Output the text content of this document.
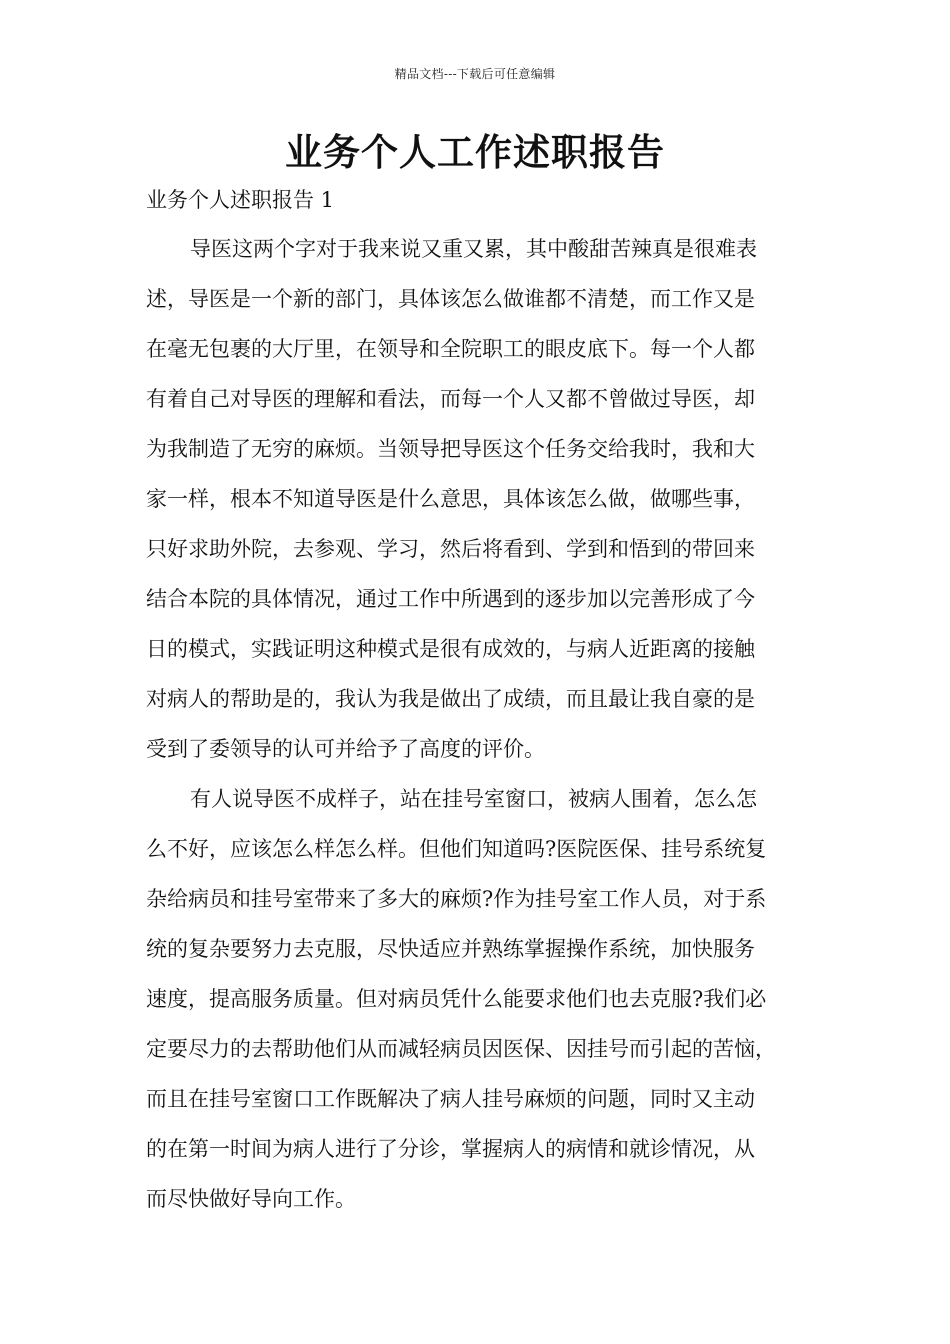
精品文档---下载后可任意编辑
业务个人工作述职报告
业务个人述职报告 1
导医这两个字对于我来说又重又累，其中酸甜苦辣真是很难表
述，导医是一个新的部门，具体该怎么做谁都不清楚，而工作又是
在毫无包裹的大厅里，在领导和全院职工的眼皮底下。每一个人都
有着自己对导医的理解和看法，而每一个人又都不曾做过导医，却
为我制造了无穷的麻烦。当领导把导医这个任务交给我时，我和大
家一样，根本不知道导医是什么意思，具体该怎么做，做哪些事，
只好求助外院，去参观、学习，然后将看到、学到和悟到的带回来
结合本院的具体情况，通过工作中所遇到的逐步加以完善形成了今
日的模式，实践证明这种模式是很有成效的，与病人近距离的接触
对病人的帮助是的，我认为我是做出了成绩，而且最让我自豪的是
受到了委领导的认可并给予了高度的评价。
有人说导医不成样子，站在挂号室窗口，被病人围着，怎么怎
么不好，应该怎么样怎么样。但他们知道吗?医院医保、挂号系统复
杂给病员和挂号室带来了多大的麻烦?作为挂号室工作人员，对于系
统的复杂要努力去克服，尽快适应并熟练掌握操作系统，加快服务
速度，提高服务质量。但对病员凭什么能要求他们也去克服?我们必
定要尽力的去帮助他们从而减轻病员因医保、因挂号而引起的苦恼，
而且在挂号室窗口工作既解决了病人挂号麻烦的问题，同时又主动
的在第一时间为病人进行了分诊，掌握病人的病情和就诊情况，从
而尽快做好导向工作。
